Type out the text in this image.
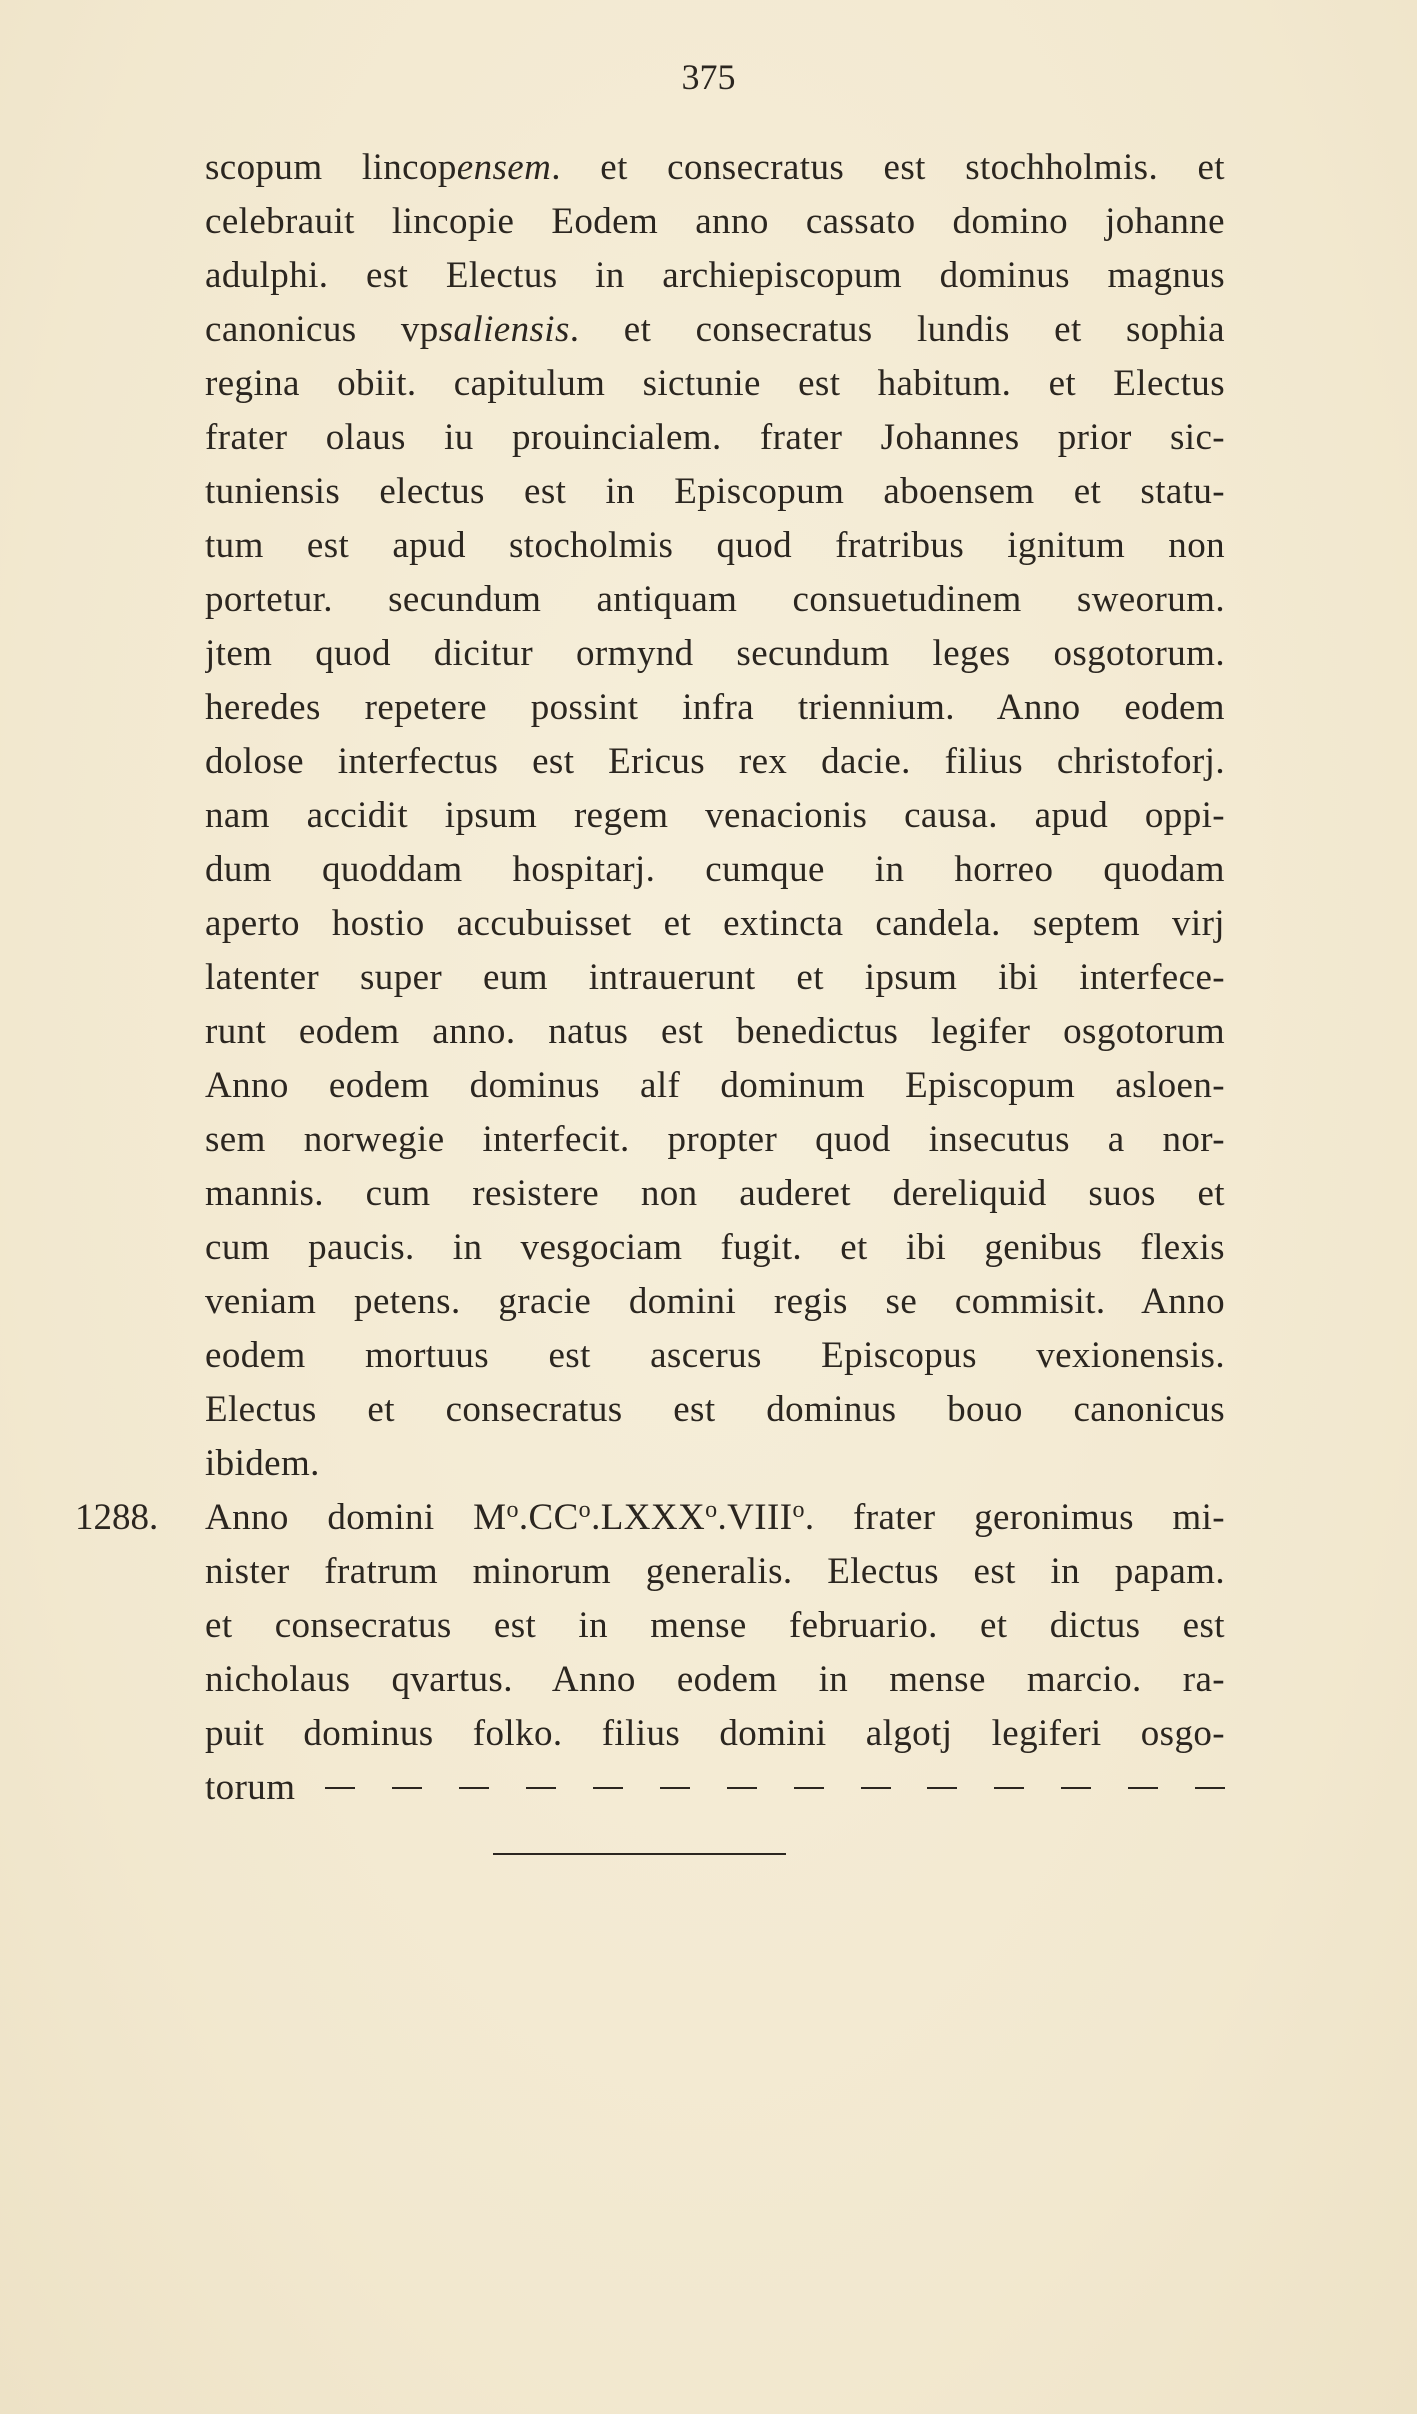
375
1288.
scopum lincopensem. et consecratus est stochholmis. et
celebrauit lincopie Eodem anno cassato domino johanne
adulphi. est Electus in archiepiscopum dominus magnus
canonicus vpsaliensis. et consecratus lundis et sophia
regina obiit. capitulum sictunie est habitum. et Electus
frater olaus iu prouincialem. frater Johannes prior sic-
tuniensis electus est in Episcopum aboensem et statu-
tum est apud stocholmis quod fratribus ignitum non
portetur. secundum antiquam consuetudinem sweorum.
jtem quod dicitur ormynd secundum leges osgotorum.
heredes repetere possint infra triennium. Anno eodem
dolose interfectus est Ericus rex dacie. filius christoforj.
nam accidit ipsum regem venacionis causa. apud oppi-
dum quoddam hospitarj. cumque in horreo quodam
aperto hostio accubuisset et extincta candela. septem virj
latenter super eum intrauerunt et ipsum ibi interfece-
runt eodem anno. natus est benedictus legifer osgotorum
Anno eodem dominus alf dominum Episcopum asloen-
sem norwegie interfecit. propter quod insecutus a nor-
mannis. cum resistere non auderet dereliquid suos et
cum paucis. in vesgociam fugit. et ibi genibus flexis
veniam petens. gracie domini regis se commisit. Anno
eodem mortuus est ascerus Episcopus vexionensis.
Electus et consecratus est dominus bouo canonicus
ibidem.
Anno domini $M^o.CC^o.LXXX^o.VIII^o$. frater geronimus mi-
nister fratrum minorum generalis. Electus est in papam.
et consecratus est in mense februario. et dictus est
nicholaus qvartus. Anno eodem in mense marcio. ra-
puit dominus folko. filius domini algotj legiferi osgo-
torum
